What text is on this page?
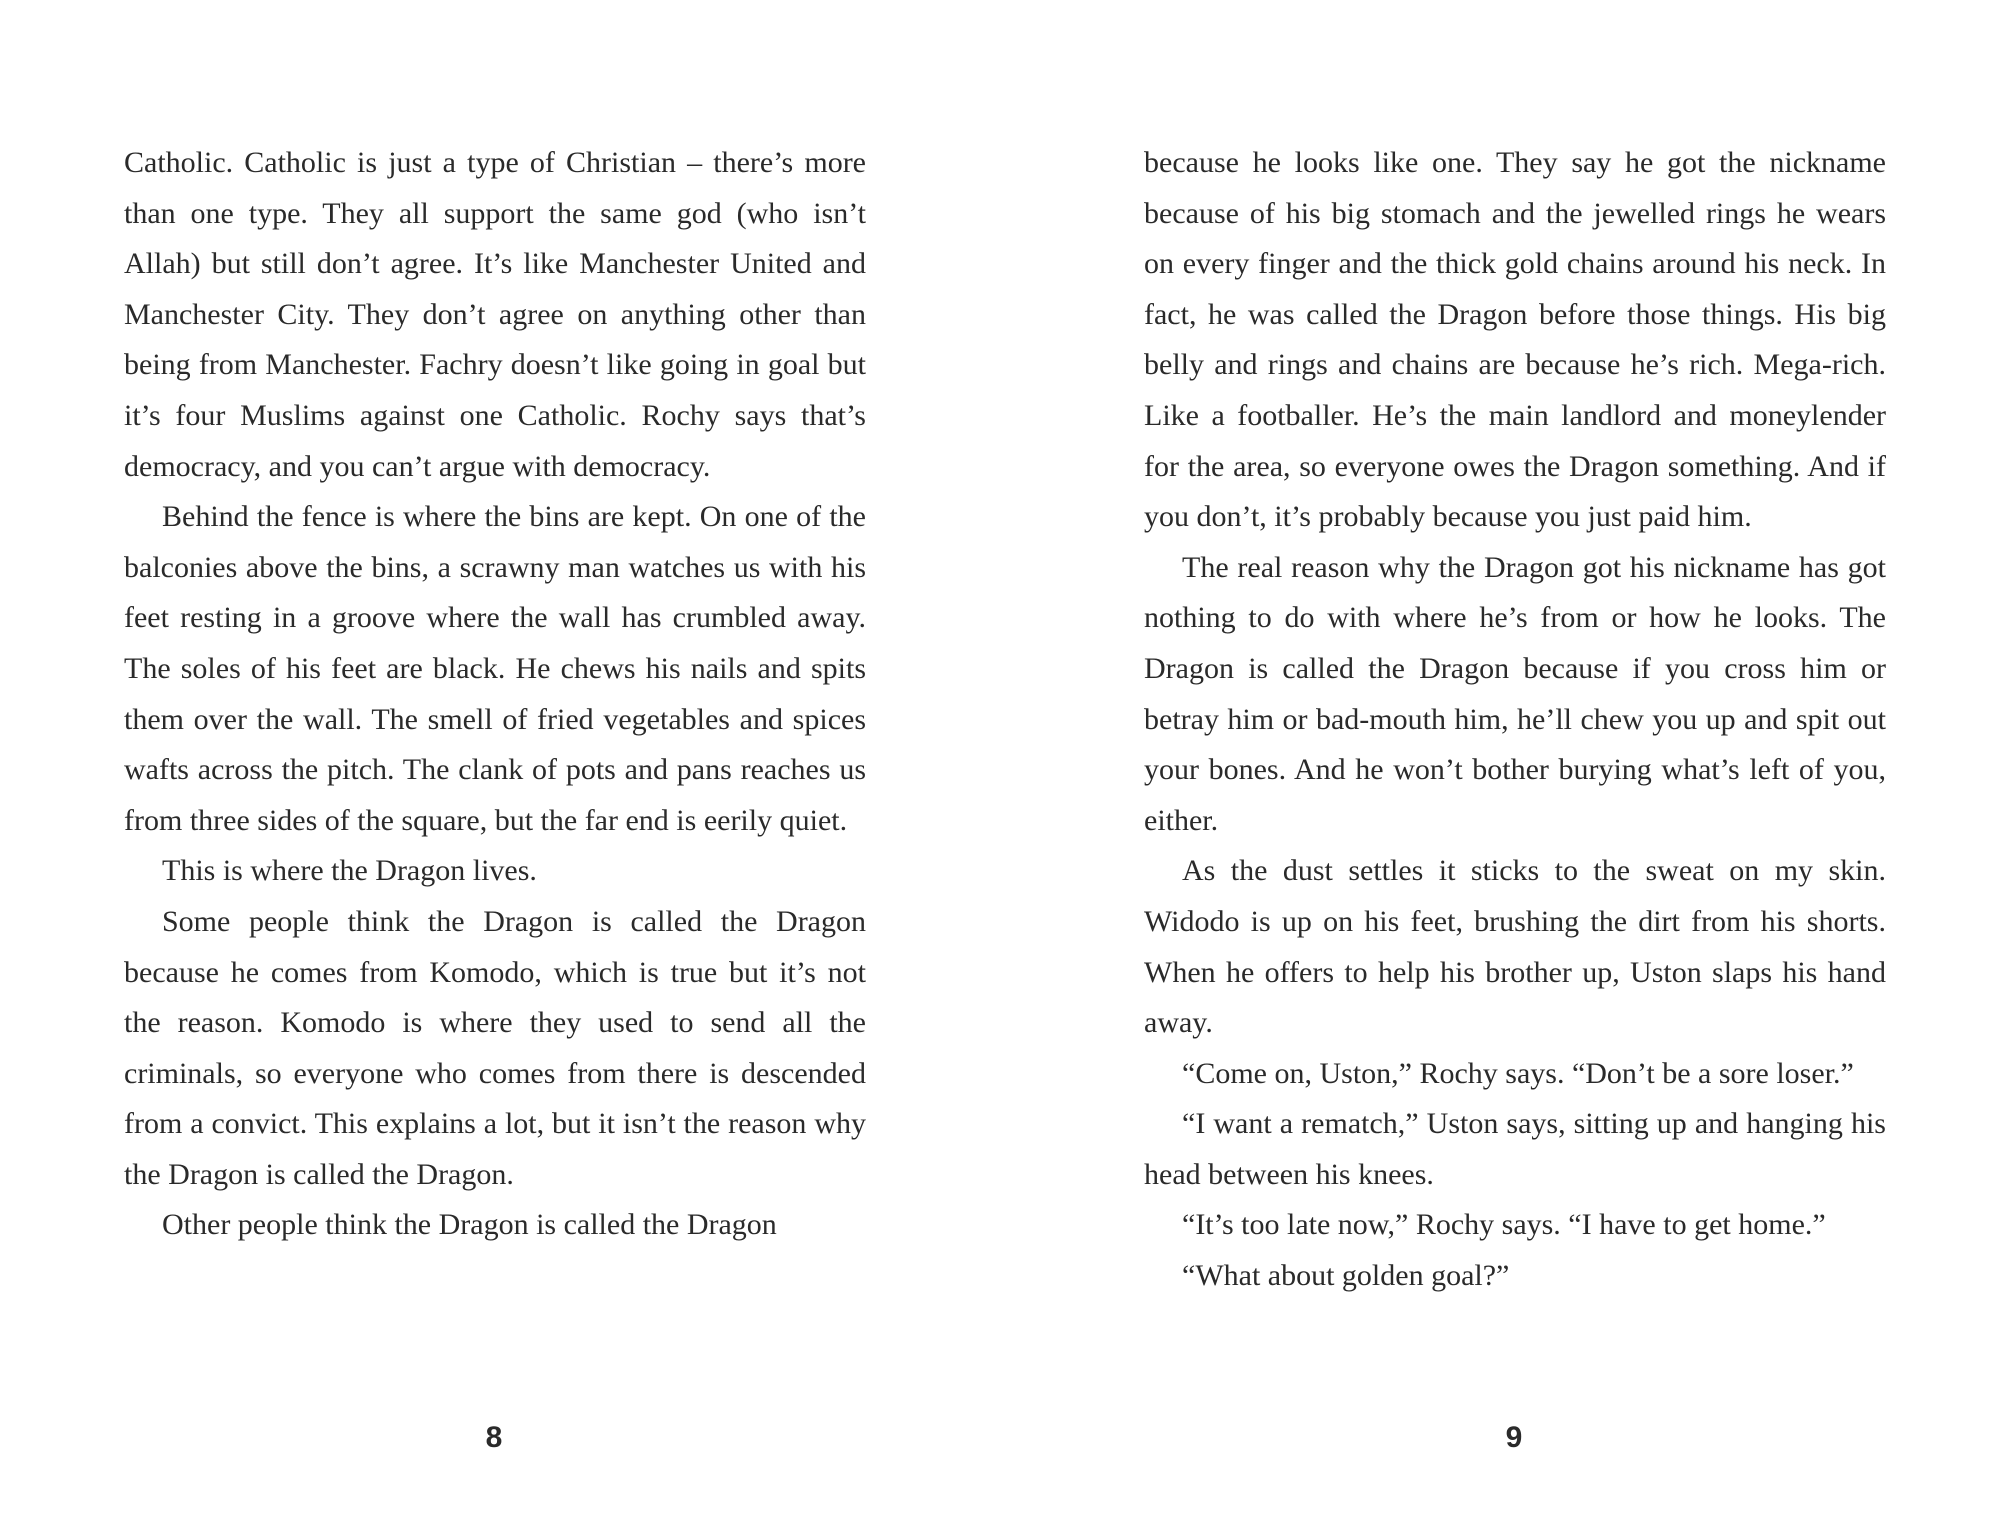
Catholic. Catholic is just a type of Christian – there’s more than one type. They all support the same god (who isn’t Allah) but still don’t agree. It’s like Manchester United and Manchester City. They don’t agree on anything other than being from Manchester. Fachry doesn’t like going in goal but it’s four Muslims against one Catholic. Rochy says that’s democracy, and you can’t argue with democracy.

Behind the fence is where the bins are kept. On one of the balconies above the bins, a scrawny man watches us with his feet resting in a groove where the wall has crumbled away. The soles of his feet are black. He chews his nails and spits them over the wall. The smell of fried vegetables and spices wafts across the pitch. The clank of pots and pans reaches us from three sides of the square, but the far end is eerily quiet.

This is where the Dragon lives.

Some people think the Dragon is called the Dragon because he comes from Komodo, which is true but it’s not the reason. Komodo is where they used to send all the criminals, so everyone who comes from there is descended from a convict. This explains a lot, but it isn’t the reason why the Dragon is called the Dragon.

Other people think the Dragon is called the Dragon

8

because he looks like one. They say he got the nickname because of his big stomach and the jewelled rings he wears on every finger and the thick gold chains around his neck. In fact, he was called the Dragon before those things. His big belly and rings and chains are because he’s rich. Mega-rich. Like a footballer. He’s the main landlord and moneylender for the area, so everyone owes the Dragon something. And if you don’t, it’s probably because you just paid him.

The real reason why the Dragon got his nickname has got nothing to do with where he’s from or how he looks. The Dragon is called the Dragon because if you cross him or betray him or bad-mouth him, he’ll chew you up and spit out your bones. And he won’t bother burying what’s left of you, either.

As the dust settles it sticks to the sweat on my skin. Widodo is up on his feet, brushing the dirt from his shorts. When he offers to help his brother up, Uston slaps his hand away.

“Come on, Uston,” Rochy says. “Don’t be a sore loser.”

“I want a rematch,” Uston says, sitting up and hanging his head between his knees.

“It’s too late now,” Rochy says. “I have to get home.”

“What about golden goal?”

9
